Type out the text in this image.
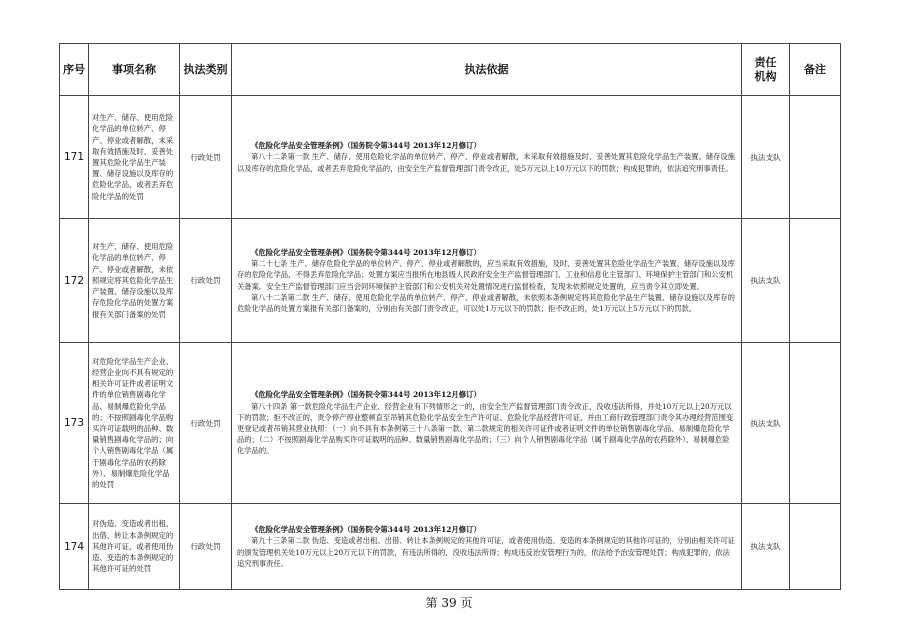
序号	事项名称	执法类别	执法依据	责任机构	备注
171	对生产、储存、使用危险化学品的单位转产、停产、停业或者解散，未采取有效措施及时、妥善处置其危险化学品生产装置、储存设施以及库存的危险化学品，或者丢弃危险化学品的处罚	行政处罚	《危险化学品安全管理条例》（国务院令第344号 2013年12月修订）
第八十二条第一款 生产、储存、使用危险化学品的单位转产、停产、停业或者解散，未采取有效措施及时、妥善处置其危险化学品生产装置、储存设施以及库存的危险化学品，或者丢弃危险化学品的，由安全生产监督管理部门责令改正，处5万元以上10万元以下的罚款；构成犯罪的，依法追究刑事责任。	执法支队	
172	对生产、储存、使用危险化学品的单位转产、停产、停业或者解散，未依照规定将其危险化学品生产装置、储存设施以及库存危险化学品的处置方案报有关部门备案的处罚	行政处罚	《危险化学品安全管理条例》（国务院令第344号 2013年12月修订）
第二十七条 生产、储存危险化学品的单位转产、停产、停业或者解散的，应当采取有效措施，及时、妥善处置其危险化学品生产装置、储存设施以及库存的危险化学品，不得丢弃危险化学品；处置方案应当报所在地县级人民政府安全生产监督管理部门、工业和信息化主管部门、环境保护主管部门和公安机关备案。安全生产监督管理部门应当会同环境保护主管部门和公安机关对处置情况进行监督检查，发现未依照规定处置的，应当责令其立即处置。
第八十二条第二款 生产、储存、使用危险化学品的单位转产、停产、停业或者解散，未依照本条例规定将其危险化学品生产装置、储存设施以及库存的危险化学品的处置方案报有关部门备案的，分别由有关部门责令改正，可以处1万元以下的罚款；拒不改正的，处1万元以上5万元以下的罚款。	执法支队	
173	对危险化学品生产企业、经营企业向不具有规定的相关许可证件或者证明文件的单位销售剧毒化学品、易制爆危险化学品的；不按照剧毒化学品购买许可证载明的品种、数量销售剧毒化学品的；向个人销售剧毒化学品（属于剧毒化学品的农药除外）、易制爆危险化学品的处罚	行政处罚	《危险化学品安全管理条例》（国务院令第344号 2013年12月修订）
第八十四条 第一款危险化学品生产企业、经营企业有下列情形之一的，由安全生产监督管理部门责令改正，没收违法所得，并处10万元以上20万元以下的罚款；拒不改正的，责令停产停业整顿直至吊销其危险化学品安全生产许可证、危险化学品经营许可证，并由工商行政管理部门责令其办理经营范围变更登记或者吊销其营业执照：（一）向不具有本条例第三十八条第一款、第二款规定的相关许可证件或者证明文件的单位销售剧毒化学品、易制爆危险化学品的；（二）不按照剧毒化学品购买许可证载明的品种、数量销售剧毒化学品的；（三）向个人销售剧毒化学品（属于剧毒化学品的农药除外）、易制爆危险化学品的。	执法支队	
174	对伪造、变造或者出租、出借、转让本条例规定的其他许可证，或者使用伪造、变造的本条例规定的其他许可证的处罚	行政处罚	《危险化学品安全管理条例》（国务院令第344号 2013年12月修订）
第九十三条第二款 伪造、变造或者出租、出借、转让本条例规定的其他许可证，或者使用伪造、变造的本条例规定的其他许可证的，分别由相关许可证的颁发管理机关处10万元以上20万元以下的罚款，有违法所得的，没收违法所得；构成违反治安管理行为的，依法给予治安管理处罚；构成犯罪的，依法追究刑事责任。	执法支队	
第 39 页
